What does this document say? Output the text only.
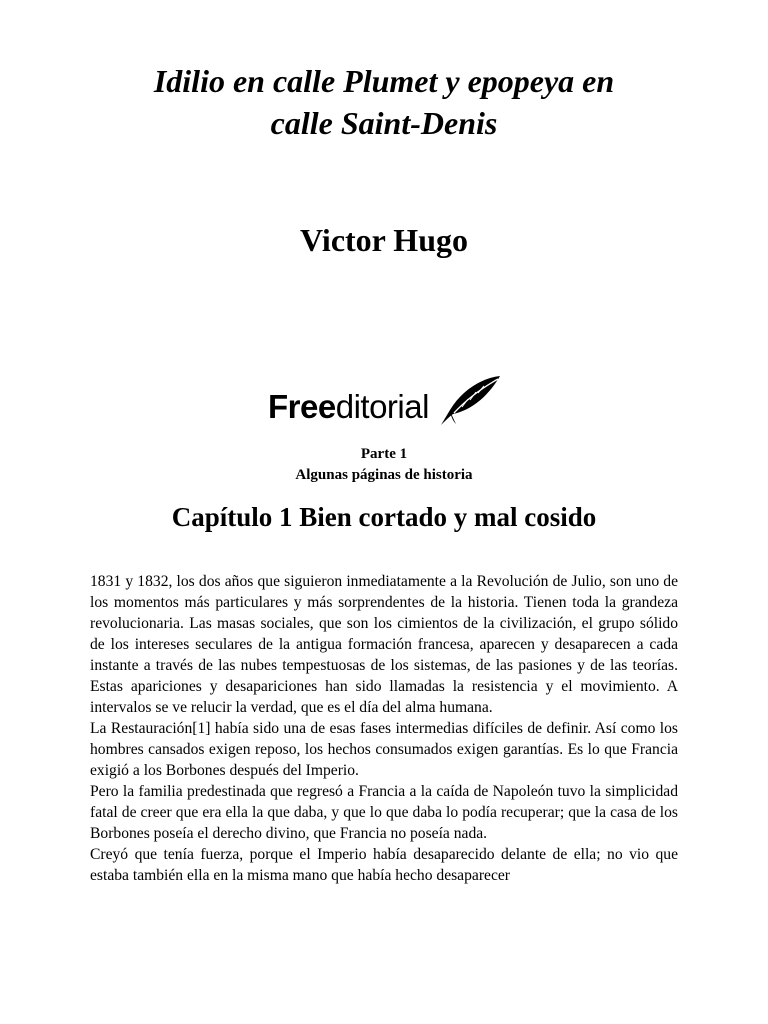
Idilio en calle Plumet y epopeya en
calle Saint-Denis
Victor Hugo
Freeditorial
Parte 1
Algunas páginas de historia
Capítulo 1 Bien cortado y mal cosido

1831 y 1832, los dos años que siguieron inmediatamente a la Revolución de Julio, son uno de los momentos más particulares y más sorprendentes de la historia. Tienen toda la grandeza revolucionaria. Las masas sociales, que son los cimientos de la civilización, el grupo sólido de los intereses seculares de la antigua formación francesa, aparecen y desaparecen a cada instante a través de las nubes tempestuosas de los sistemas, de las pasiones y de las teorías. Estas apariciones y desapariciones han sido llamadas la resistencia y el movimiento. A intervalos se ve relucir la verdad, que es el día del alma humana.

La Restauración[1] había sido una de esas fases intermedias difíciles de definir. Así como los hombres cansados exigen reposo, los hechos consumados exigen garantías. Es lo que Francia exigió a los Borbones después del Imperio.

Pero la familia predestinada que regresó a Francia a la caída de Napoleón tuvo la simplicidad fatal de creer que era ella la que daba, y que lo que daba lo podía recuperar; que la casa de los Borbones poseía el derecho divino, que Francia no poseía nada.

Creyó que tenía fuerza, porque el Imperio había desaparecido delante de ella; no vio que estaba también ella en la misma mano que había hecho desaparecer
